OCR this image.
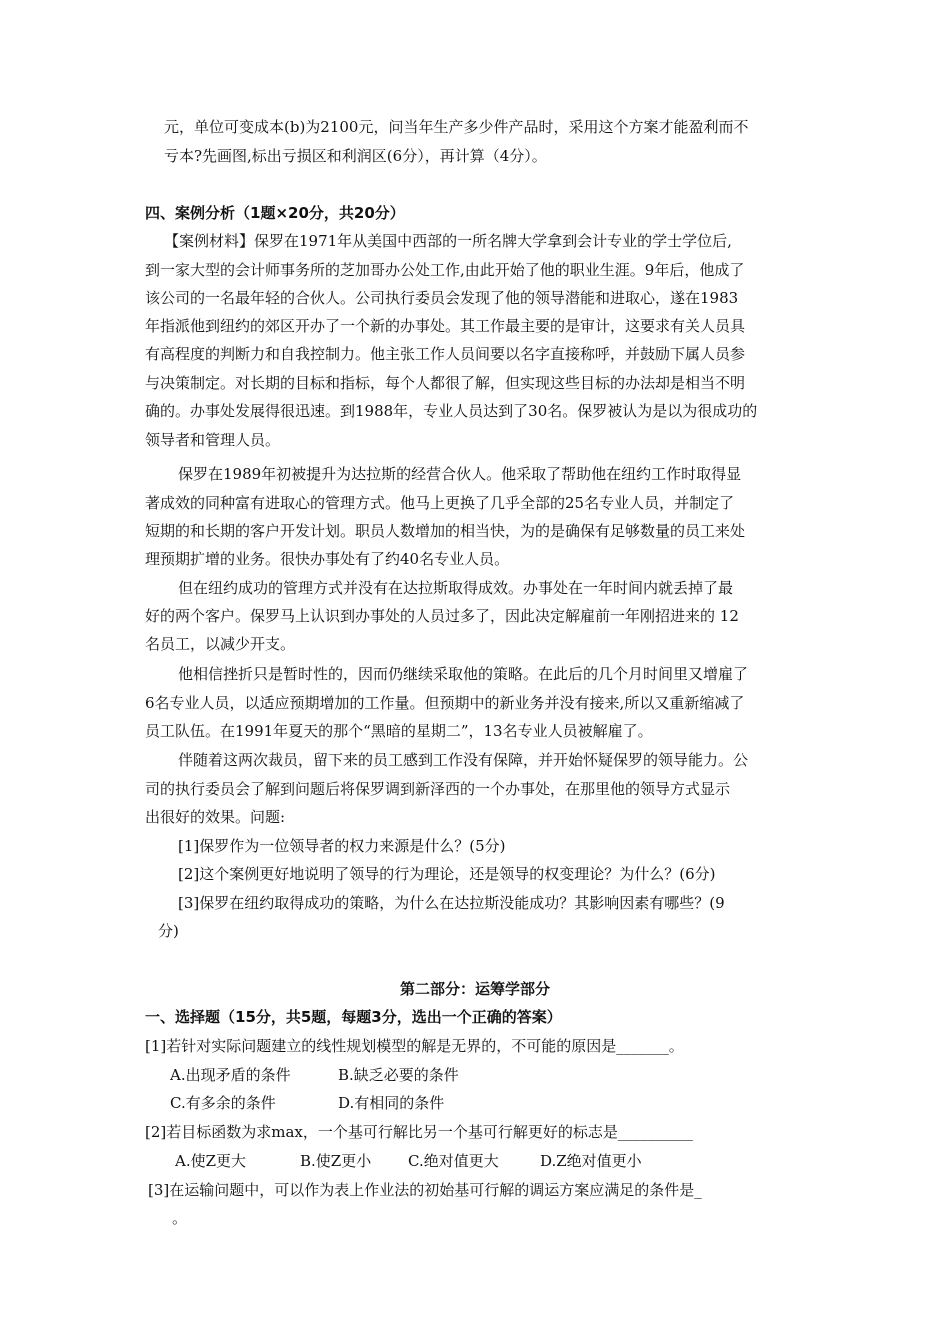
元，单位可变成本(b)为2100元，问当年生产多少件产品时，采用这个方案才能盈利而不
亏本?先画图,标出亏损区和利润区(6分），再计算（4分）。
四、案例分析（1题×20分，共20分）
【案例材料】保罗在1971年从美国中西部的一所名牌大学拿到会计专业的学士学位后,
到一家大型的会计师事务所的芝加哥办公处工作,由此开始了他的职业生涯。9年后，他成了
该公司的一名最年轻的合伙人。公司执行委员会发现了他的领导潜能和进取心，遂在1983
年指派他到纽约的郊区开办了一个新的办事处。其工作最主要的是审计，这要求有关人员具
有高程度的判断力和自我控制力。他主张工作人员间要以名字直接称呼，并鼓励下属人员参
与决策制定。对长期的目标和指标，每个人都很了解，但实现这些目标的办法却是相当不明
确的。办事处发展得很迅速。到1988年，专业人员达到了30名。保罗被认为是以为很成功的
领导者和管理人员。
保罗在1989年初被提升为达拉斯的经营合伙人。他采取了帮助他在纽约工作时取得显
著成效的同种富有进取心的管理方式。他马上更换了几乎全部的25名专业人员，并制定了
短期的和长期的客户开发计划。职员人数增加的相当快，为的是确保有足够数量的员工来处
理预期扩增的业务。很快办事处有了约40名专业人员。
但在纽约成功的管理方式并没有在达拉斯取得成效。办事处在一年时间内就丢掉了最
好的两个客户。保罗马上认识到办事处的人员过多了，因此决定解雇前一年刚招进来的 12
名员工，以减少开支。
他相信挫折只是暂时性的，因而仍继续采取他的策略。在此后的几个月时间里又增雇了
6名专业人员，以适应预期增加的工作量。但预期中的新业务并没有接来,所以又重新缩减了
员工队伍。在1991年夏天的那个“黑暗的星期二”，13名专业人员被解雇了。
伴随着这两次裁员，留下来的员工感到工作没有保障，并开始怀疑保罗的领导能力。公
司的执行委员会了解到问题后将保罗调到新泽西的一个办事处，在那里他的领导方式显示
出很好的效果。问题:
[1]保罗作为一位领导者的权力来源是什么？(5分)
[2]这个案例更好地说明了领导的行为理论，还是领导的权变理论？为什么？(6分)
[3]保罗在纽约取得成功的策略，为什么在达拉斯没能成功？其影响因素有哪些？(9
分)
第二部分：运筹学部分
一、选择题（15分，共5题，每题3分，选出一个正确的答案）
[1]若针对实际问题建立的线性规划模型的解是无界的，不可能的原因是_______。
A.出现矛盾的条件	B.缺乏必要的条件
C.有多余的条件	D.有相同的条件
[2]若目标函数为求max，一个基可行解比另一个基可行解更好的标志是__________
A.使Z更大	B.使Z更小 C.绝对值更大	D.Z绝对值更小
[3]在运输问题中，可以作为表上作业法的初始基可行解的调运方案应满足的条件是_
。
